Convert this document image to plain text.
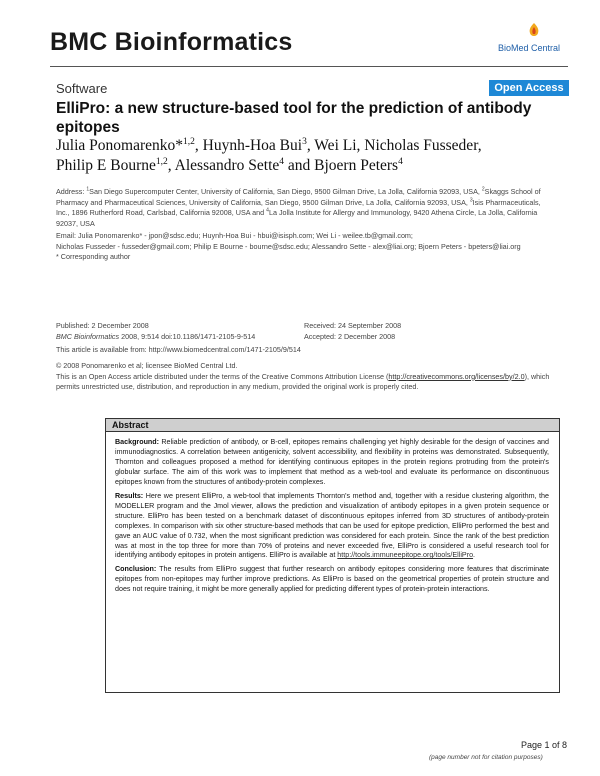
BMC Bioinformatics	BioMed Central
Software	Open Access
ElliPro: a new structure-based tool for the prediction of antibody epitopes
Julia Ponomarenko*$^{1,2}$, Huynh-Hoa Bui$^3$, Wei Li, Nicholas Fusseder,
Philip E Bourne$^{1,2}$, Alessandro Sette$^4$ and Bjoern Peters$^4$
Address: $^1$San Diego Supercomputer Center, University of California, San Diego, 9500 Gilman Drive, La Jolla, California 92093, USA, $^2$Skaggs School of Pharmacy and Pharmaceutical Sciences, University of California, San Diego, 9500 Gilman Drive, La Jolla, California 92093, USA, $^3$Isis Pharmaceuticals, Inc., 1896 Rutherford Road, Carlsbad, California 92008, USA and $^4$La Jolla Institute for Allergy and Immunology, 9420 Athena Circle, La Jolla, California 92037, USA
Email: Julia Ponomarenko* - jpon@sdsc.edu; Huynh-Hoa Bui - hbui@isisph.com; Wei Li - weilee.tb@gmail.com;
Nicholas Fusseder - fusseder@gmail.com; Philip E Bourne - bourne@sdsc.edu; Alessandro Sette - alex@liai.org; Bjoern Peters - bpeters@liai.org
* Corresponding author
Published: 2 December 2008
BMC Bioinformatics 2008, 9:514 doi:10.1186/1471-2105-9-514
Received: 24 September 2008
Accepted: 2 December 2008
This article is available from: http://www.biomedcentral.com/1471-2105/9/514
© 2008 Ponomarenko et al; licensee BioMed Central Ltd.
This is an Open Access article distributed under the terms of the Creative Commons Attribution License (http://creativecommons.org/licenses/by/2.0), which permits unrestricted use, distribution, and reproduction in any medium, provided the original work is properly cited.
Abstract

Background: Reliable prediction of antibody, or B-cell, epitopes remains challenging yet highly desirable for the design of vaccines and immunodiagnostics. A correlation between antigenicity, solvent accessibility, and flexibility in proteins was demonstrated. Subsequently, Thornton and colleagues proposed a method for identifying continuous epitopes in the protein regions protruding from the protein's globular surface. The aim of this work was to implement that method as a web-tool and evaluate its performance on discontinuous epitopes known from the structures of antibody-protein complexes.

Results: Here we present ElliPro, a web-tool that implements Thornton's method and, together with a residue clustering algorithm, the MODELLER program and the Jmol viewer, allows the prediction and visualization of antibody epitopes in a given protein sequence or structure. ElliPro has been tested on a benchmark dataset of discontinuous epitopes inferred from 3D structures of antibody-protein complexes. In comparison with six other structure-based methods that can be used for epitope prediction, ElliPro performed the best and gave an AUC value of 0.732, when the most significant prediction was considered for each protein. Since the rank of the best prediction was at most in the top three for more than 70% of proteins and never exceeded five, ElliPro is considered a useful research tool for identifying antibody epitopes in protein antigens. ElliPro is available at http://tools.immuneepitope.org/tools/ElliPro.

Conclusion: The results from ElliPro suggest that further research on antibody epitopes considering more features that discriminate epitopes from non-epitopes may further improve predictions. As ElliPro is based on the geometrical properties of protein structure and does not require training, it might be more generally applied for predicting different types of protein-protein interactions.

Page 1 of 8
(page number not for citation purposes)
